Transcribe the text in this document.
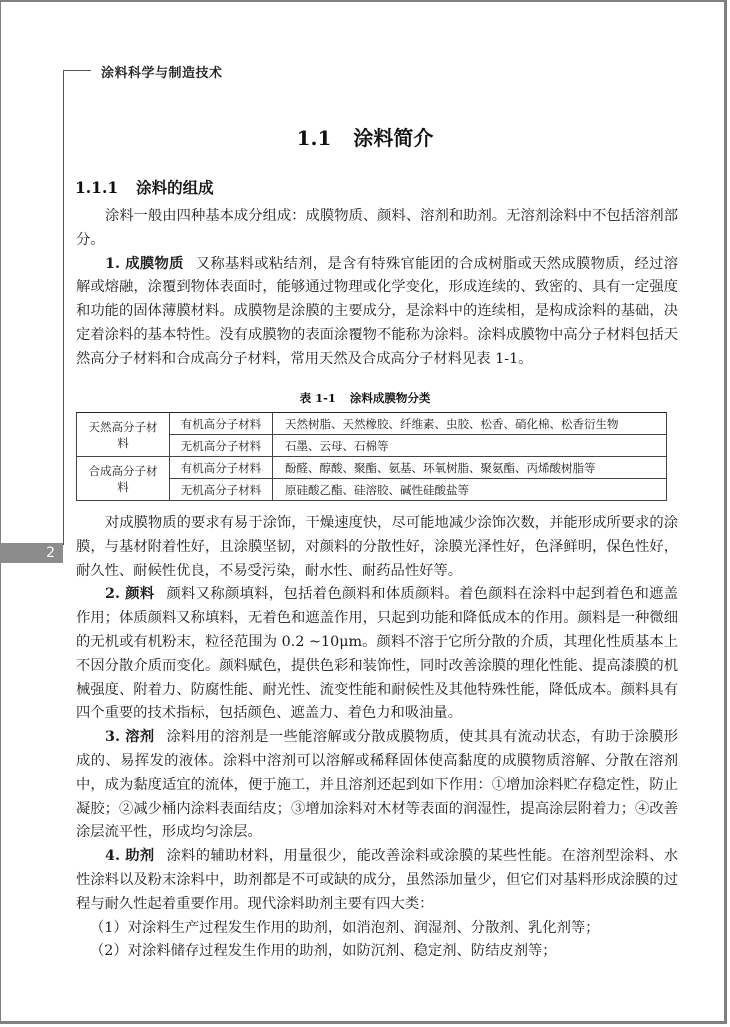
涂料科学与制造技术
2
1.1 涂料简介
1.1.1 涂料的组成

涂料一般由四种基本成分组成：成膜物质、颜料、溶剂和助剂。无溶剂涂料中不包括溶剂部分。

1. 成膜物质 又称基料或粘结剂，是含有特殊官能团的合成树脂或天然成膜物质，经过溶解或熔融，涂覆到物体表面时，能够通过物理或化学变化，形成连续的、致密的、具有一定强度和功能的固体薄膜材料。成膜物是涂膜的主要成分，是涂料中的连续相，是构成涂料的基础，决定着涂料的基本特性。没有成膜物的表面涂覆物不能称为涂料。涂料成膜物中高分子材料包括天然高分子材料和合成高分子材料，常用天然及合成高分子材料见表 1-1。

表 1-1 涂料成膜物分类
天然高分子材料	有机高分子材料	天然树脂、天然橡胶、纤维素、虫胶、松香、硝化棉、松香衍生物
	无机高分子材料	石墨、云母、石棉等
合成高分子材料	有机高分子材料	酚醛、醇酸、聚酯、氨基、环氧树脂、聚氨酯、丙烯酸树脂等
	无机高分子材料	原硅酸乙酯、硅溶胶、碱性硅酸盐等

对成膜物质的要求有易于涂饰，干燥速度快，尽可能地减少涂饰次数，并能形成所要求的涂膜，与基材附着性好，且涂膜坚韧，对颜料的分散性好，涂膜光泽性好，色泽鲜明，保色性好，耐久性、耐候性优良，不易受污染，耐水性、耐药品性好等。

2. 颜料 颜料又称颜填料，包括着色颜料和体质颜料。着色颜料在涂料中起到着色和遮盖作用；体质颜料又称填料，无着色和遮盖作用，只起到功能和降低成本的作用。颜料是一种微细的无机或有机粉末，粒径范围为 0.2 ~10μm。颜料不溶于它所分散的介质，其理化性质基本上不因分散介质而变化。颜料赋色，提供色彩和装饰性，同时改善涂膜的理化性能、提高漆膜的机械强度、附着力、防腐性能、耐光性、流变性能和耐候性及其他特殊性能，降低成本。颜料具有四个重要的技术指标，包括颜色、遮盖力、着色力和吸油量。

3. 溶剂 涂料用的溶剂是一些能溶解或分散成膜物质，使其具有流动状态，有助于涂膜形成的、易挥发的液体。涂料中溶剂可以溶解或稀释固体使高黏度的成膜物质溶解、分散在溶剂中，成为黏度适宜的流体，便于施工，并且溶剂还起到如下作用：①增加涂料贮存稳定性，防止凝胶；②减少桶内涂料表面结皮；③增加涂料对木材等表面的润湿性，提高涂层附着力；④改善涂层流平性，形成均匀涂层。

4. 助剂 涂料的辅助材料，用量很少，能改善涂料或涂膜的某些性能。在溶剂型涂料、水性涂料以及粉末涂料中，助剂都是不可或缺的成分，虽然添加量少，但它们对基料形成涂膜的过程与耐久性起着重要作用。现代涂料助剂主要有四大类：

（1）对涂料生产过程发生作用的助剂，如消泡剂、润湿剂、分散剂、乳化剂等；

（2）对涂料储存过程发生作用的助剂，如防沉剂、稳定剂、防结皮剂等；
